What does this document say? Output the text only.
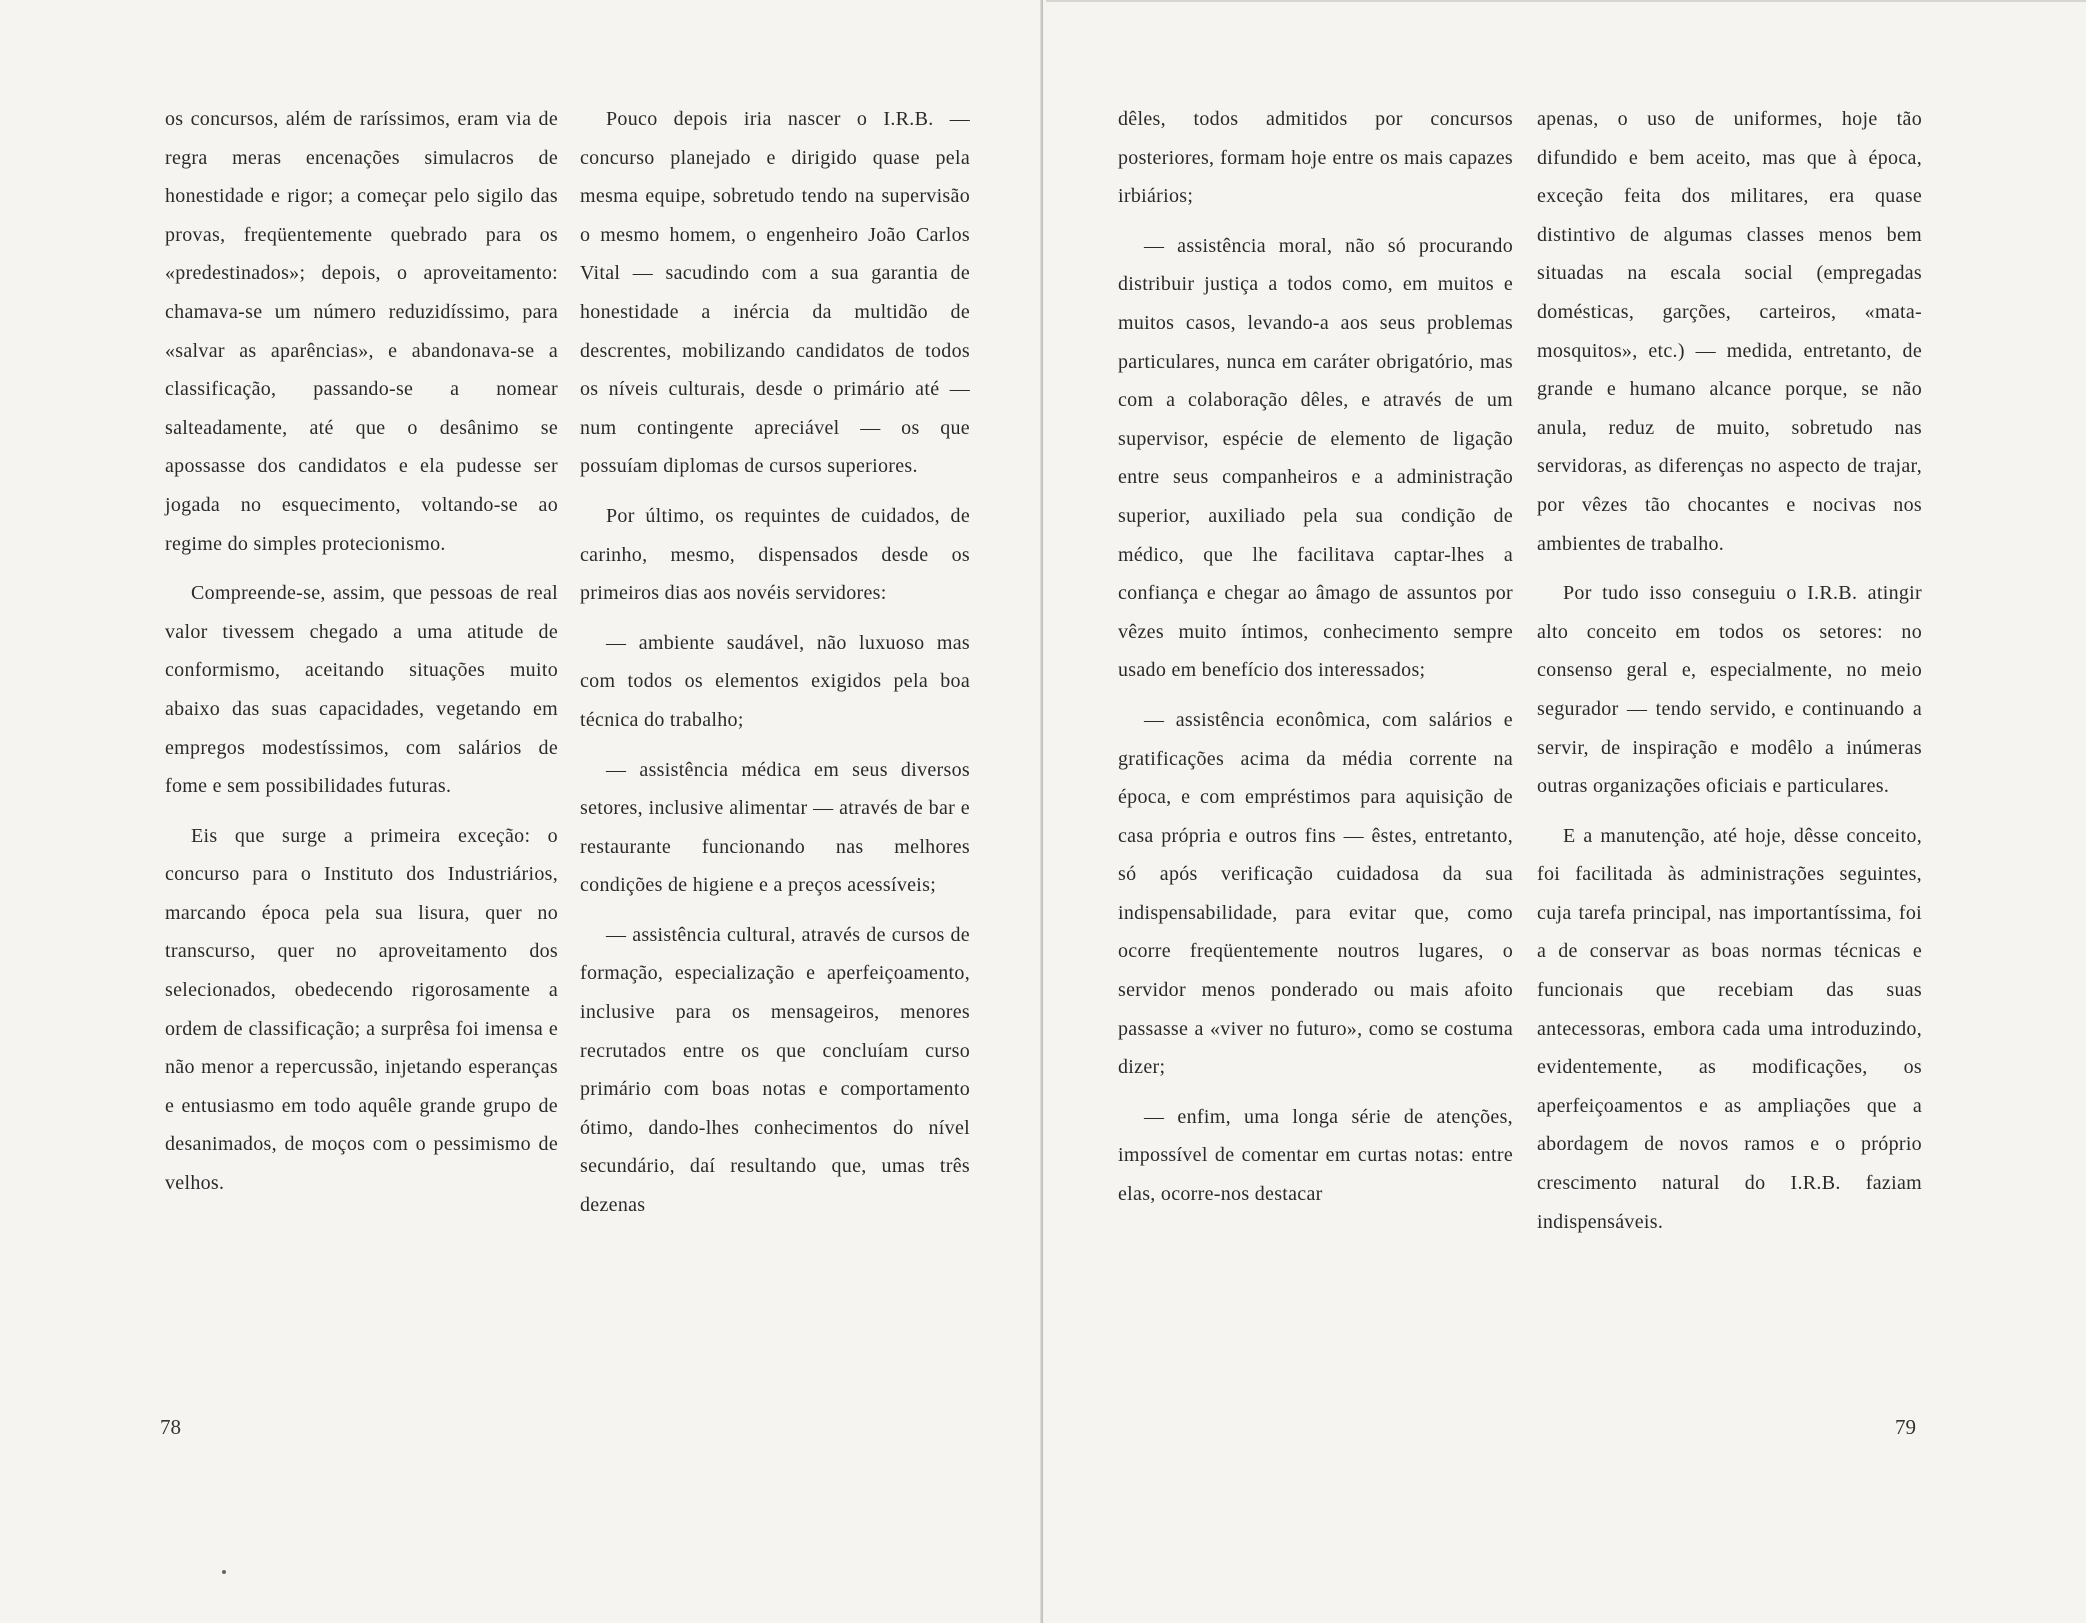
os concursos, além de raríssimos, eram via de regra meras encenações simulacros de honestidade e rigor; a começar pelo sigilo das provas, freqüentemente quebrado para os «predestinados»; depois, o aproveitamento: chamava-se um número reduzidíssimo, para «salvar as aparências», e abandonava-se a classificação, passando-se a nomear salteadamente, até que o desânimo se apossasse dos candidatos e ela pudesse ser jogada no esquecimento, voltando-se ao regime do simples protecionismo.

Compreende-se, assim, que pessoas de real valor tivessem chegado a uma atitude de conformismo, aceitando situações muito abaixo das suas capacidades, vegetando em empregos modestíssimos, com salários de fome e sem possibilidades futuras.

Eis que surge a primeira exceção: o concurso para o Instituto dos Industriários, marcando época pela sua lisura, quer no transcurso, quer no aproveitamento dos selecionados, obedecendo rigorosamente a ordem de classificação; a surprêsa foi imensa e não menor a repercussão, injetando esperanças e entusiasmo em todo aquêle grande grupo de desanimados, de moços com o pessimismo de velhos.

Pouco depois iria nascer o I.R.B. — concurso planejado e dirigido quase pela mesma equipe, sobretudo tendo na supervisão o mesmo homem, o engenheiro João Carlos Vital — sacudindo com a sua garantia de honestidade a inércia da multidão de descrentes, mobilizando candidatos de todos os níveis culturais, desde o primário até — num contingente apreciável — os que possuíam diplomas de cursos superiores.

Por último, os requintes de cuidados, de carinho, mesmo, dispensados desde os primeiros dias aos novéis servidores:

— ambiente saudável, não luxuoso mas com todos os elementos exigidos pela boa técnica do trabalho;

— assistência médica em seus diversos setores, inclusive alimentar — através de bar e restaurante funcionando nas melhores condições de higiene e a preços acessíveis;

— assistência cultural, através de cursos de formação, especialização e aperfeiçoamento, inclusive para os mensageiros, menores recrutados entre os que concluíam curso primário com boas notas e comportamento ótimo, dando-lhes conhecimentos do nível secundário, daí resultando que, umas três dezenas

78

dêles, todos admitidos por concursos posteriores, formam hoje entre os mais capazes irbiários;

— assistência moral, não só procurando distribuir justiça a todos como, em muitos e muitos casos, levando-a aos seus problemas particulares, nunca em caráter obrigatório, mas com a colaboração dêles, e através de um supervisor, espécie de elemento de ligação entre seus companheiros e a administração superior, auxiliado pela sua condição de médico, que lhe facilitava captar-lhes a confiança e chegar ao âmago de assuntos por vêzes muito íntimos, conhecimento sempre usado em benefício dos interessados;

— assistência econômica, com salários e gratificações acima da média corrente na época, e com empréstimos para aquisição de casa própria e outros fins — êstes, entretanto, só após verificação cuidadosa da sua indispensabilidade, para evitar que, como ocorre freqüentemente noutros lugares, o servidor menos ponderado ou mais afoito passasse a «viver no futuro», como se costuma dizer;

— enfim, uma longa série de atenções, impossível de comentar em curtas notas: entre elas, ocorre-nos destacar

apenas, o uso de uniformes, hoje tão difundido e bem aceito, mas que à época, exceção feita dos militares, era quase distintivo de algumas classes menos bem situadas na escala social (empregadas domésticas, garções, carteiros, «mata-mosquitos», etc.) — medida, entretanto, de grande e humano alcance porque, se não anula, reduz de muito, sobretudo nas servidoras, as diferenças no aspecto de trajar, por vêzes tão chocantes e nocivas nos ambientes de trabalho.

Por tudo isso conseguiu o I.R.B. atingir alto conceito em todos os setores: no consenso geral e, especialmente, no meio segurador — tendo servido, e continuando a servir, de inspiração e modêlo a inúmeras outras organizações oficiais e particulares.

E a manutenção, até hoje, dêsse conceito, foi facilitada às administrações seguintes, cuja tarefa principal, nas importantíssima, foi a de conservar as boas normas técnicas e funcionais que recebiam das suas antecessoras, embora cada uma introduzindo, evidentemente, as modificações, os aperfeiçoamentos e as ampliações que a abordagem de novos ramos e o próprio crescimento natural do I.R.B. faziam indispensáveis.

79
